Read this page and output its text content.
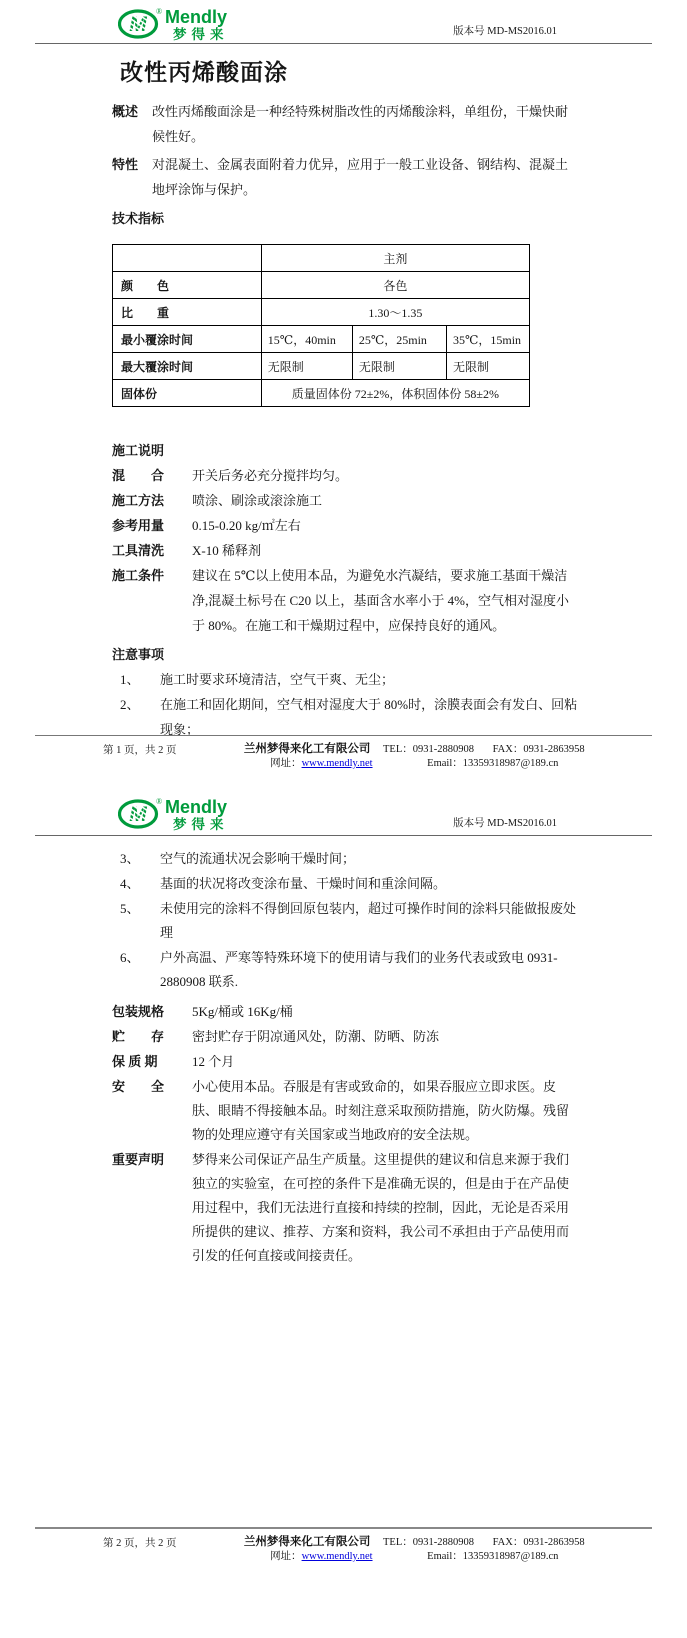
M
® Mendly
梦得来	版本号 MD-MS2016.01
改性丙烯酸面涂
概述	改性丙烯酸面涂是一种经特殊树脂改性的丙烯酸涂料，单组份，干燥快耐候性好。
特性	对混凝土、金属表面附着力优异，应用于一般工业设备、钢结构、混凝土地坪涂饰与保护。
技术指标
	主剂		
颜　　色	各色		
比　　重	1.30～1.35		
最小覆涂时间	15℃，40min	25℃，25min	35℃，15min
最大覆涂时间	无限制	无限制	无限制
固体份	质量固体份 72±2%，体积固体份 58±2%		
施工说明
混　　合	开关后务必充分搅拌均匀。
施工方法	喷涂、刷涂或滚涂施工
参考用量	0.15-0.20 kg/㎡左右
工具清洗	X-10 稀释剂
施工条件	建议在 5℃以上使用本品，为避免水汽凝结，要求施工基面干燥洁净,混凝土标号在 C20 以上，基面含水率小于 4%，空气相对湿度小于 80%。在施工和干燥期过程中，应保持良好的通风。
注意事项
1、	施工时要求环境清洁，空气干爽、无尘；
2、	在施工和固化期间，空气相对湿度大于 80%时，涂膜表面会有发白、回粘现象；
第 1 页，共 2 页	兰州梦得来化工有限公司 TEL：0931-2880908 FAX：0931-2863958
网址：www.mendly.net	Email：13359318987@189.cn
M
® Mendly
梦得来	版本号 MD-MS2016.01
3、	空气的流通状况会影响干燥时间；
4、	基面的状况将改变涂布量、干燥时间和重涂间隔。
5、	未使用完的涂料不得倒回原包装内，超过可操作时间的涂料只能做报废处理
6、	户外高温、严寒等特殊环境下的使用请与我们的业务代表或致电 0931-2880908 联系.
包装规格	5Kg/桶或 16Kg/桶
贮　　存	密封贮存于阴凉通风处，防潮、防晒、防冻
保 质 期	12 个月
安　　全	小心使用本品。吞服是有害或致命的，如果吞服应立即求医。皮肤、眼睛不得接触本品。时刻注意采取预防措施，防火防爆。残留物的处理应遵守有关国家或当地政府的安全法规。
重要声明	梦得来公司保证产品生产质量。这里提供的建议和信息来源于我们独立的实验室，在可控的条件下是准确无误的，但是由于在产品使用过程中，我们无法进行直接和持续的控制，因此，无论是否采用所提供的建议、推荐、方案和资料，我公司不承担由于产品使用而引发的任何直接或间接责任。
第 2 页，共 2 页	兰州梦得来化工有限公司 TEL：0931-2880908 FAX：0931-2863958
网址：www.mendly.net	Email：13359318987@189.cn
